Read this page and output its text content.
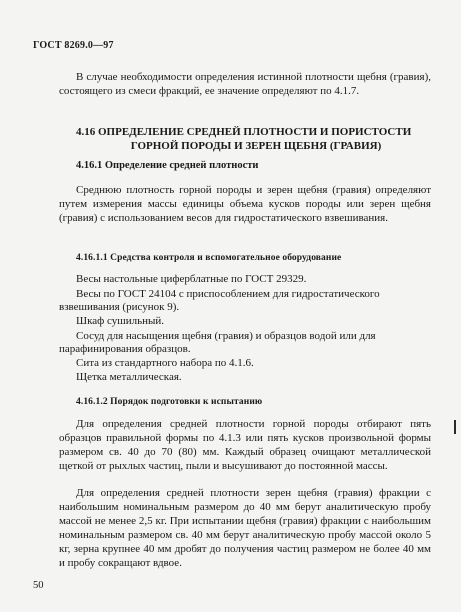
ГОСТ 8269.0—97

В случае необходимости определения истинной плотности щебня (гравия), состоящего из смеси фракций, ее значение определяют по 4.1.7.

4.16 ОПРЕДЕЛЕНИЕ СРЕДНЕЙ ПЛОТНОСТИ И ПОРИСТОСТИ
ГОРНОЙ ПОРОДЫ И ЗЕРЕН ЩЕБНЯ (ГРАВИЯ)
4.16.1 Определение средней плотности

Среднюю плотность горной породы и зерен щебня (гравия) определяют путем измерения массы единицы объема кусков породы или зерен щебня (гравия) с использованием весов для гидростатического взвешивания.

4.16.1.1 Средства контроля и вспомогательное оборудование

Весы настольные циферблатные по ГОСТ 29329.

Весы по ГОСТ 24104 с приспособлением для гидростатического

взвешивания (рисунок 9).

Шкаф сушильный.

Сосуд для насыщения щебня (гравия) и образцов водой или для

парафинирования образцов.

Сита из стандартного набора по 4.1.6.

Щетка металлическая.

4.16.1.2 Порядок подготовки к испытанию

Для определения средней плотности горной породы отбирают пять образцов правильной формы по 4.1.3 или пять кусков произвольной формы размером св. 40 до 70 (80) мм. Каждый образец очищают металлической щеткой от рыхлых частиц, пыли и высушивают до постоянной массы.

Для определения средней плотности зерен щебня (гравия) фракции с наибольшим номинальным размером до 40 мм берут аналитическую пробу массой не менее 2,5 кг. При испытании щебня (гравия) фракции с наибольшим номинальным размером св. 40 мм берут аналитическую пробу массой около 5 кг, зерна крупнее 40 мм дробят до получения частиц размером не более 40 мм и пробу сокращают вдвое.

50
